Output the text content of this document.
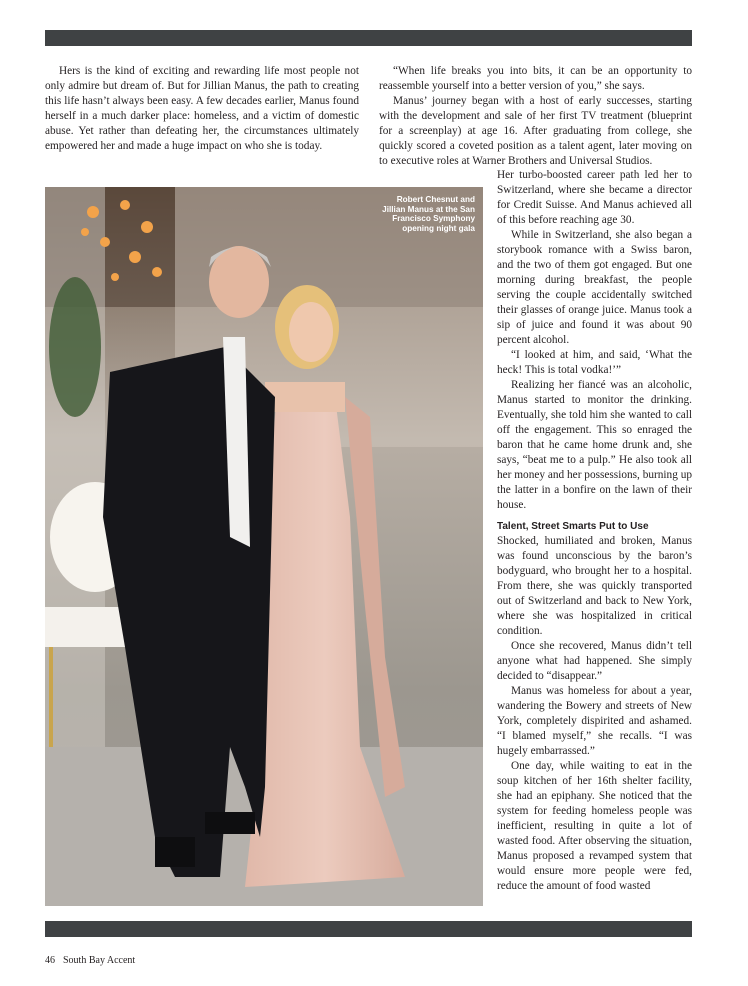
Hers is the kind of exciting and rewarding life most people not only admire but dream of. But for Jillian Manus, the path to creating this life hasn’t always been easy. A few decades earlier, Manus found herself in a much darker place: homeless, and a victim of domestic abuse. Yet rather than defeating her, the circumstances ultimately empowered her and made a huge impact on who she is today.

“When life breaks you into bits, it can be an opportunity to reassemble yourself into a better version of you,” she says.

Manus’ journey began with a host of early successes, starting with the development and sale of her first TV treatment (blueprint for a screenplay) at age 16. After graduating from college, she quickly scored a coveted position as a talent agent, later moving on to executive roles at Warner Brothers and Universal Studios.

Robert Chesnut and Jillian Manus at the San Francisco Symphony opening night gala

Her turbo-boosted career path led her to Switzerland, where she became a director for Credit Suisse. And Manus achieved all of this before reaching age 30.

While in Switzerland, she also began a storybook romance with a Swiss baron, and the two of them got engaged. But one morning during breakfast, the people serving the couple accidentally switched their glasses of orange juice. Manus took a sip of juice and found it was about 90 percent alcohol.

“I looked at him, and said, ‘What the heck! This is total vodka!’”

Realizing her fiancé was an alcoholic, Manus started to monitor the drinking. Eventually, she told him she wanted to call off the engagement. This so enraged the baron that he came home drunk and, she says, “beat me to a pulp.” He also took all her money and her possessions, burning up the latter in a bonfire on the lawn of their house.

Talent, Street Smarts Put to Use

Shocked, humiliated and broken, Manus was found unconscious by the baron’s bodyguard, who brought her to a hospital. From there, she was quickly transported out of Switzerland and back to New York, where she was hospitalized in critical condition.

Once she recovered, Manus didn’t tell anyone what had happened. She simply decided to “disappear.”

Manus was homeless for about a year, wandering the Bowery and streets of New York, completely dispirited and ashamed. “I blamed myself,” she recalls. “I was hugely embarrassed.”

One day, while waiting to eat in the soup kitchen of her 16th shelter facility, she had an epiphany. She noticed that the system for feeding homeless people was inefficient, resulting in quite a lot of wasted food. After observing the situation, Manus proposed a revamped system that would ensure more people were fed, reduce the amount of food wasted

46 South Bay Accent
